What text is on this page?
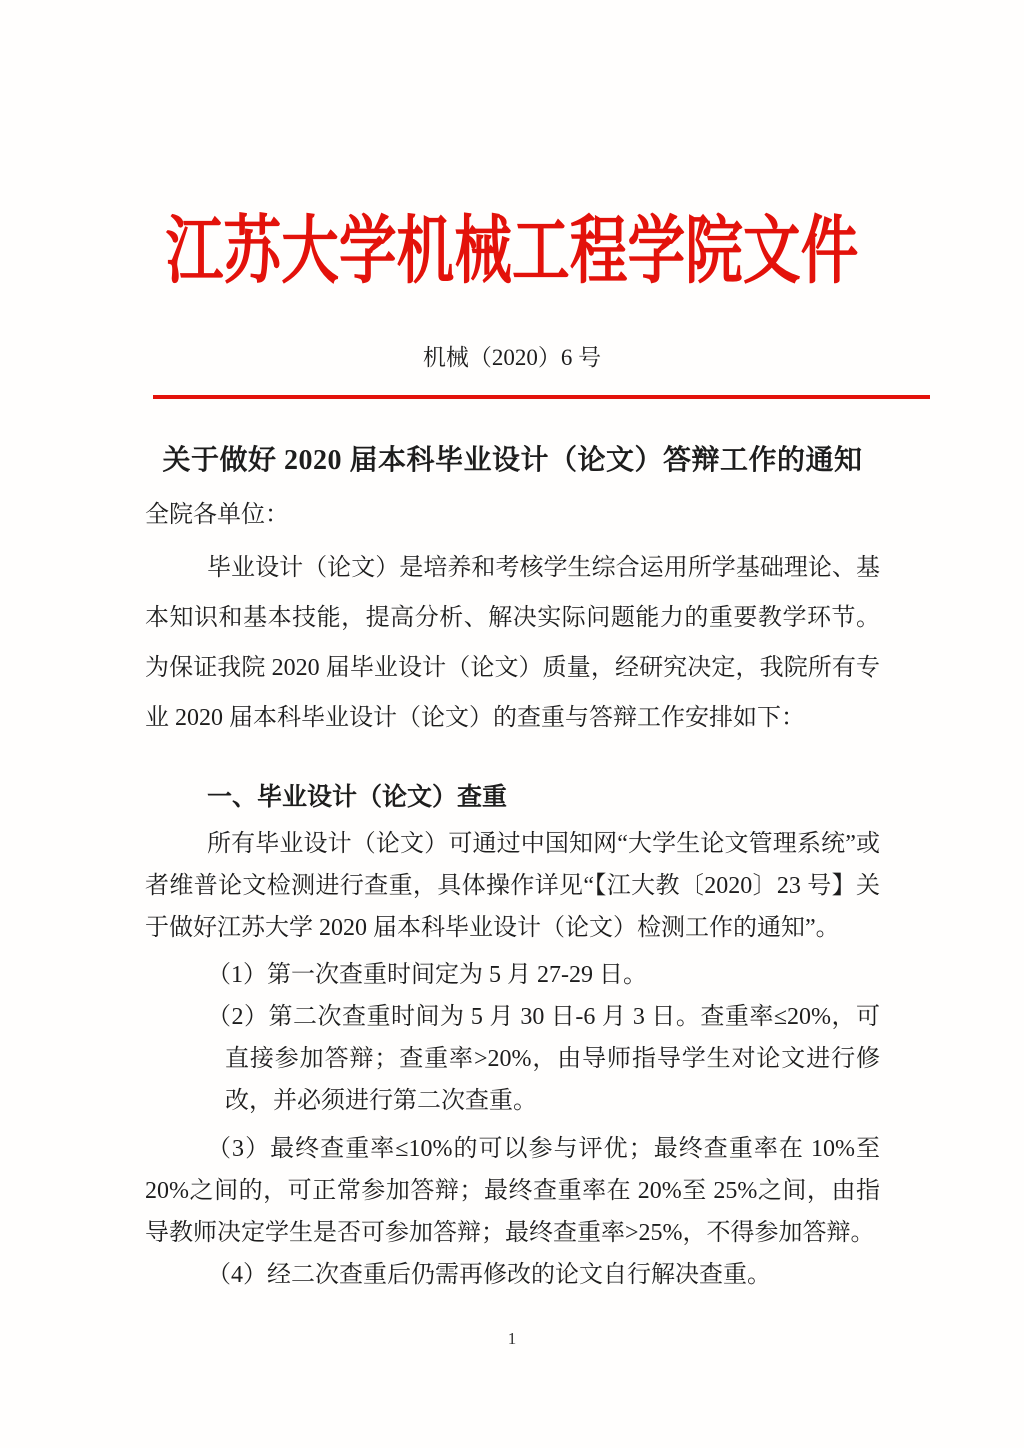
江苏大学机械工程学院文件
机械（2020）6 号
关于做好 2020 届本科毕业设计（论文）答辩工作的通知

全院各单位：

毕业设计（论文）是培养和考核学生综合运用所学基础理论、基本知识和基本技能，提高分析、解决实际问题能力的重要教学环节。为保证我院 2020 届毕业设计（论文）质量，经研究决定，我院所有专业 2020 届本科毕业设计（论文）的查重与答辩工作安排如下：

一、毕业设计（论文）查重

所有毕业设计（论文）可通过中国知网“大学生论文管理系统”或者维普论文检测进行查重，具体操作详见“【江大教〔2020〕23 号】关于做好江苏大学 2020 届本科毕业设计（论文）检测工作的通知”。

（1）第一次查重时间定为 5 月 27-29 日。

（2）第二次查重时间为 5 月 30 日-6 月 3 日。查重率≤20%，可直接参加答辩；查重率>20%，由导师指导学生对论文进行修改，并必须进行第二次查重。

（3）最终查重率≤10%的可以参与评优；最终查重率在 10%至20%之间的，可正常参加答辩；最终查重率在 20%至 25%之间，由指导教师决定学生是否可参加答辩；最终查重率>25%，不得参加答辩。

（4）经二次查重后仍需再修改的论文自行解决查重。

1
